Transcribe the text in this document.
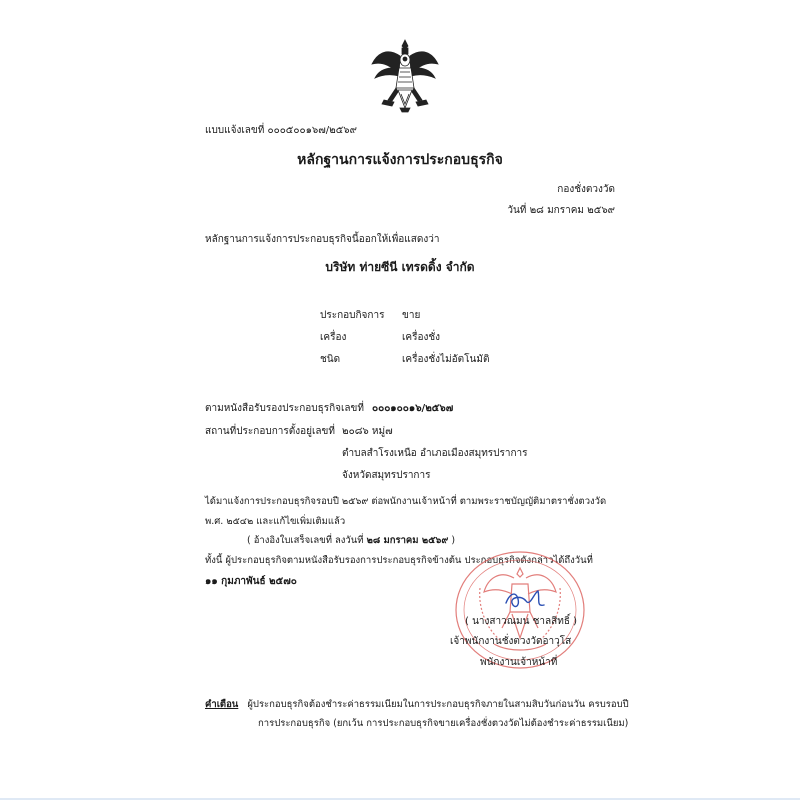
แบบแจ้งเลขที่ ๐๐๐๕๐๐๑๖๗/๒๕๖๙
หลักฐานการแจ้งการประกอบธุรกิจ
กองชั่งตวงวัด
วันที่ ๒๘ มกราคม ๒๕๖๙
หลักฐานการแจ้งการประกอบธุรกิจนี้ออกให้เพื่อแสดงว่า
บริษัท ท่ายซีนี เทรดดิ้ง จำกัด
ประกอบกิจการ ขาย
เครื่อง	เครื่องชั่ง
ชนิด	เครื่องชั่งไม่อัตโนมัติ
ตามหนังสือรับรองประกอบธุรกิจเลขที่ ๐๐๐๑๐๐๑๖/๒๕๖๗
สถานที่ประกอบการตั้งอยู่เลขที่ ๒๐๘๖ หมู่๗
ตำบลสำโรงเหนือ อำเภอเมืองสมุทรปราการ
จังหวัดสมุทรปราการ
ได้มาแจ้งการประกอบธุรกิจรอบปี ๒๕๖๙ ต่อพนักงานเจ้าหน้าที่ ตามพระราชบัญญัติมาตราชั่งตวงวัด
พ.ศ. ๒๕๔๒ และแก้ไขเพิ่มเติมแล้ว
( อ้างอิงใบเสร็จเลขที่ ลงวันที่ ๒๘ มกราคม ๒๕๖๙ )
ทั้งนี้ ผู้ประกอบธุรกิจตามหนังสือรับรองการประกอบธุรกิจข้างต้น ประกอบธุรกิจดังกล่าวได้ถึงวันที่
๑๑ กุมภาพันธ์ ๒๕๗๐
( นางสาวณมน ชาลสิทธิ์ )
เจ้าพนักงานชั่งตวงวัดอาวุโส
พนักงานเจ้าหน้าที่
คำเตือน ผู้ประกอบธุรกิจต้องชำระค่าธรรมเนียมในการประกอบธุรกิจภายในสามสิบวันก่อนวัน ครบรอบปี
การประกอบธุรกิจ (ยกเว้น การประกอบธุรกิจขายเครื่องชั่งตวงวัดไม่ต้องชำระค่าธรรมเนียม)
